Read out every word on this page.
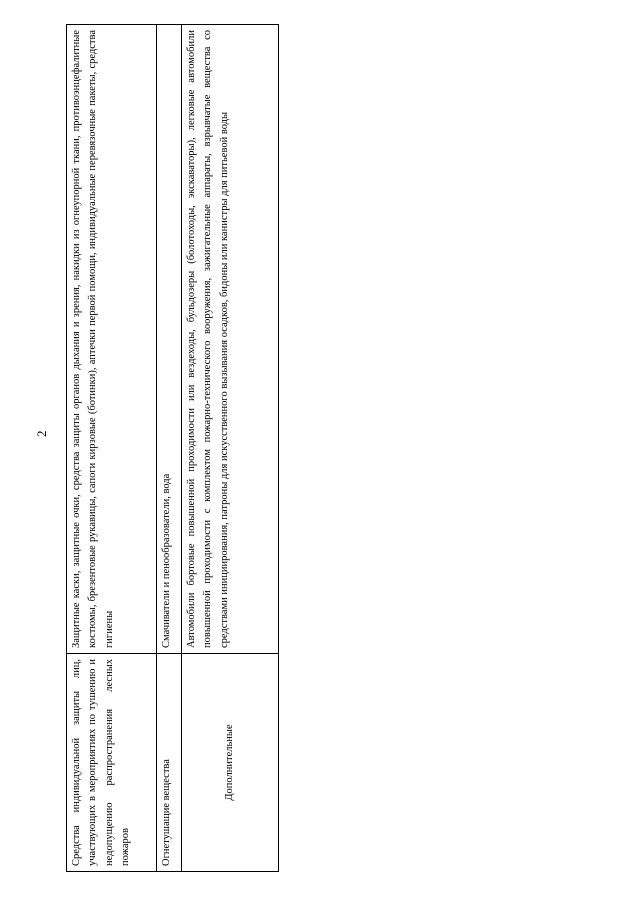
2
Средства индивидуальной защиты лиц, участвующих в мероприятиях по тушению и недопущению распространения лесных пожаров	Защитные каски, защитные очки, средства защиты органов дыхания и зрения, накидки из огнеупорной ткани, противоэнцефалитные костюмы, брезентовые рукавицы, сапоги кирзовые (ботинки), аптечки первой помощи, индивидуальные перевязочные пакеты, средства гигиены
Огнетушащие вещества	Смачиватели и пенообразователи, вода
Дополнительные	Автомобили бортовые повышенной проходимости или вездеходы, бульдозеры (болотоходы, экскаваторы), легковые автомобили повышенной проходимости с комплектом пожарно-технического вооружения, зажигательные аппараты, взрывчатые вещества со средствами инициирования, патроны для искусственного вызывания осадков, бидоны или канистры для питьевой воды
